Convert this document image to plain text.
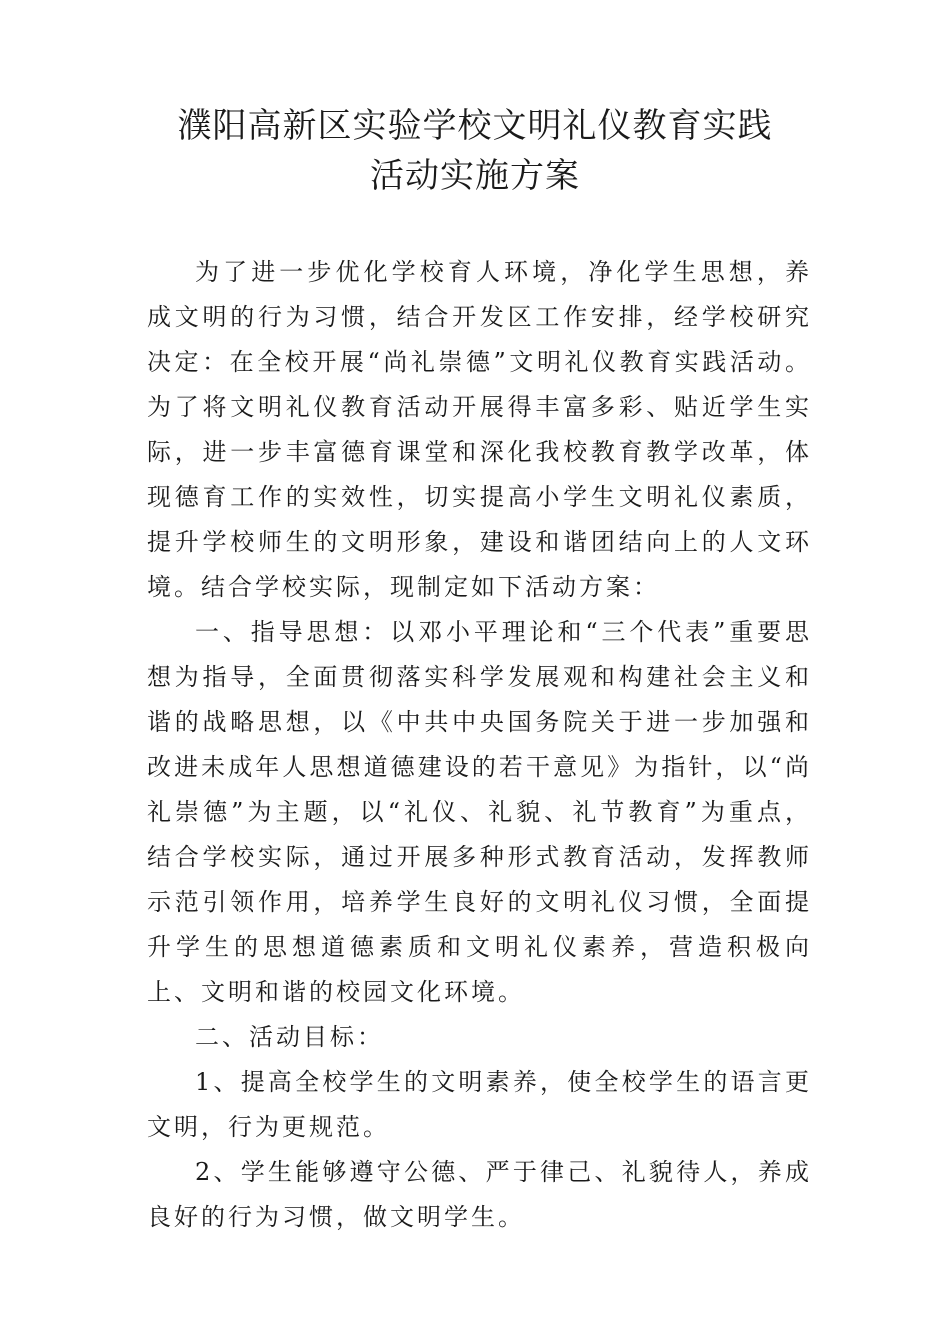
濮阳高新区实验学校文明礼仪教育实践
活动实施方案

为了进一步优化学校育人环境，净化学生思想，养成文明的行为习惯，结合开发区工作安排，经学校研究决定：在全校开展“尚礼崇德”文明礼仪教育实践活动。为了将文明礼仪教育活动开展得丰富多彩、贴近学生实际，进一步丰富德育课堂和深化我校教育教学改革，体现德育工作的实效性，切实提高小学生文明礼仪素质，提升学校师生的文明形象，建设和谐团结向上的人文环境。结合学校实际，现制定如下活动方案：

一、指导思想：以邓小平理论和“三个代表”重要思想为指导，全面贯彻落实科学发展观和构建社会主义和谐的战略思想，以《中共中央国务院关于进一步加强和改进未成年人思想道德建设的若干意见》为指针，以“尚礼崇德”为主题，以“礼仪、礼貌、礼节教育”为重点，结合学校实际，通过开展多种形式教育活动，发挥教师示范引领作用，培养学生良好的文明礼仪习惯，全面提升学生的思想道德素质和文明礼仪素养，营造积极向上、文明和谐的校园文化环境。

二、活动目标：

1、提高全校学生的文明素养，使全校学生的语言更文明，行为更规范。

2、学生能够遵守公德、严于律己、礼貌待人，养成良好的行为习惯，做文明学生。
